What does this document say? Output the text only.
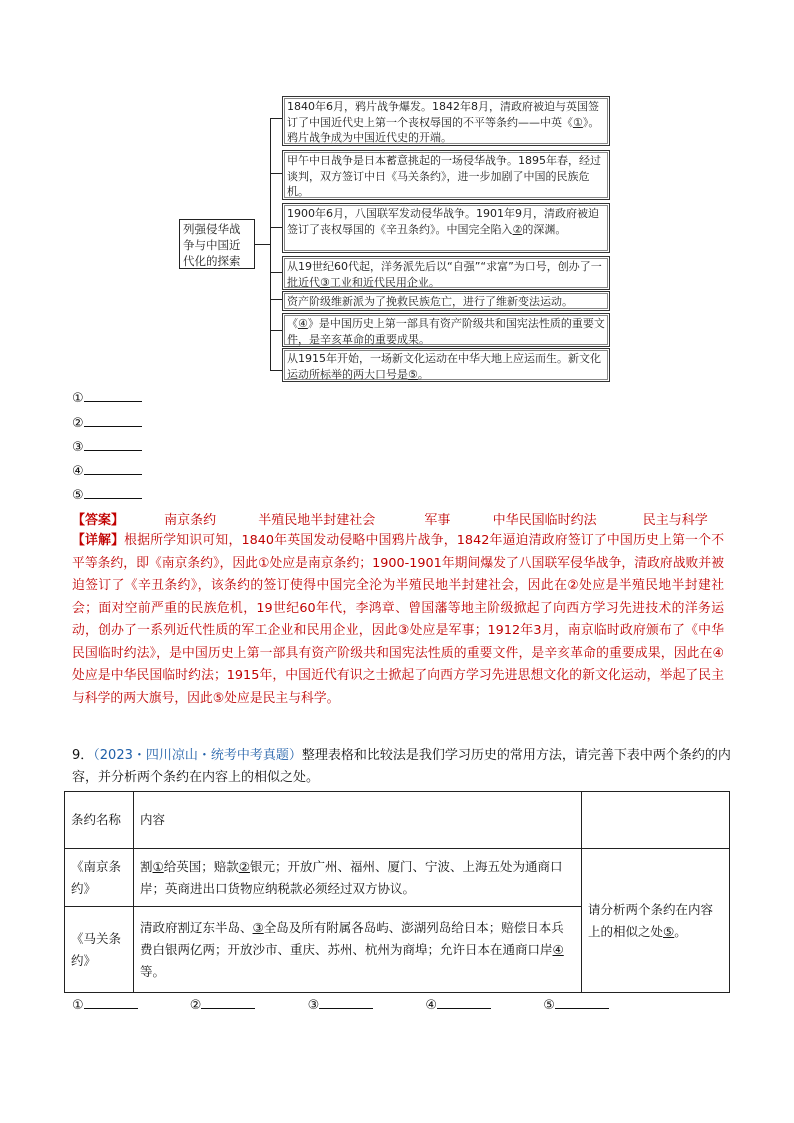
列强侵华战争与中国近代化的探索
1840年6月，鸦片战争爆发。1842年8月，清政府被迫与英国签订了中国近代史上第一个丧权辱国的不平等条约——中英《①》。鸦片战争成为中国近代史的开端。
甲午中日战争是日本蓄意挑起的一场侵华战争。1895年春，经过谈判，双方签订中日《马关条约》，进一步加剧了中国的民族危机。
1900年6月，八国联军发动侵华战争。1901年9月，清政府被迫签订了丧权辱国的《辛丑条约》。中国完全陷入②的深渊。
从19世纪60代起，洋务派先后以“自强”“求富”为口号，创办了一批近代③工业和近代民用企业。
资产阶级维新派为了挽救民族危亡，进行了维新变法运动。
《④》是中国历史上第一部具有资产阶级共和国宪法性质的重要文件，是辛亥革命的重要成果。
从1915年开始，一场新文化运动在中华大地上应运而生。新文化运动所标举的两大口号是⑤。
①
②
③
④
⑤
【答案】	南京条约	半殖民地半封建社会	军事	中华民国临时约法	民主与科学

【详解】根据所学知识可知，1840年英国发动侵略中国鸦片战争，1842年逼迫清政府签订了中国历史上第一个不平等条约，即《南京条约》，因此①处应是南京条约；1900-1901年期间爆发了八国联军侵华战争，清政府战败并被迫签订了《辛丑条约》，该条约的签订使得中国完全沦为半殖民地半封建社会，因此在②处应是半殖民地半封建社会；面对空前严重的民族危机，19世纪60年代，李鸿章、曾国藩等地主阶级掀起了向西方学习先进技术的洋务运动，创办了一系列近代性质的军工企业和民用企业，因此③处应是军事；1912年3月，南京临时政府颁布了《中华民国临时约法》，是中国历史上第一部具有资产阶级共和国宪法性质的重要文件，是辛亥革命的重要成果，因此在④处应是中华民国临时约法；1915年，中国近代有识之士掀起了向西方学习先进思想文化的新文化运动，举起了民主与科学的两大旗号，因此⑤处应是民主与科学。

9．（2023・四川凉山・统考中考真题）整理表格和比较法是我们学习历史的常用方法，请完善下表中两个条约的内容，并分析两个条约在内容上的相似之处。
条约名称	内容	
《南京条约》	割①给英国；赔款②银元；开放广州、福州、厦门、宁波、上海五处为通商口岸；英商进出口货物应纳税款必须经过双方协议。	请分析两个条约在内容上的相似之处⑤。
《马关条约》	清政府割辽东半岛、③全岛及所有附属各岛屿、澎湖列岛给日本；赔偿日本兵费白银两亿两；开放沙市、重庆、苏州、杭州为商埠；允许日本在通商口岸④等。	
①	②	③	④	⑤
